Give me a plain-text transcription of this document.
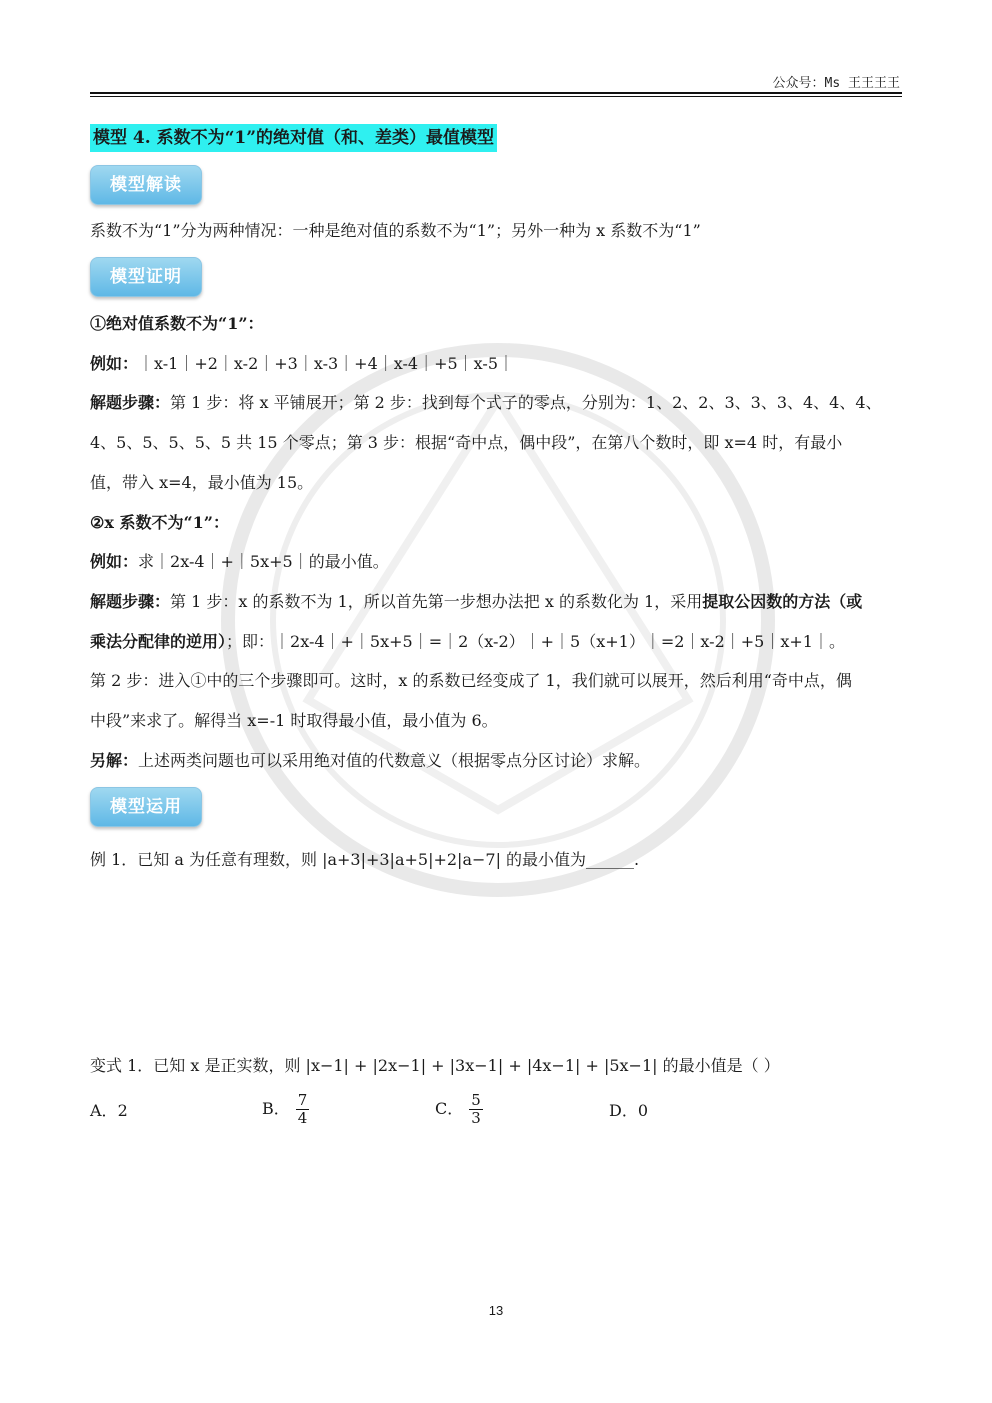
公众号：Ms 王王王王
模型 4. 系数不为“1”的绝对值（和、差类）最值模型
模型解读
系数不为“1”分为两种情况：一种是绝对值的系数不为“1”；另外一种为 x 系数不为“1”
模型证明
①绝对值系数不为“1”：
例如：｜x-1｜+2｜x-2｜+3｜x-3｜+4｜x-4｜+5｜x-5｜
解题步骤：第 1 步：将 x 平铺展开；第 2 步：找到每个式子的零点，分别为：1、2、2、3、3、3、4、4、4、
4、5、5、5、5、5 共 15 个零点；第 3 步：根据“奇中点，偶中段”，在第八个数时，即 x=4 时，有最小
值，带入 x=4，最小值为 15。
②x 系数不为“1”：
例如：求｜2x-4｜+｜5x+5｜的最小值。
解题步骤：第 1 步：x 的系数不为 1，所以首先第一步想办法把 x 的系数化为 1，采用提取公因数的方法（或
乘法分配律的逆用）；即：｜2x-4｜+｜5x+5｜=｜2（x-2）｜+｜5（x+1）｜=2｜x-2｜+5｜x+1｜。
第 2 步：进入①中的三个步骤即可。这时，x 的系数已经变成了 1，我们就可以展开，然后利用“奇中点，偶
中段”来求了。解得当 x=-1 时取得最小值，最小值为 6。
另解：上述两类问题也可以采用绝对值的代数意义（根据零点分区讨论）求解。
模型运用
例 1．已知 a 为任意有理数，则 |a+3|+3|a+5|+2|a−7| 的最小值为______.
变式 1．已知 x 是正实数，则 |x−1| + |2x−1| + |3x−1| + |4x−1| + |5x−1| 的最小值是（ ）
A．2	B． $\frac{7}{4}$	C． $\frac{5}{3}$	D．0
13
